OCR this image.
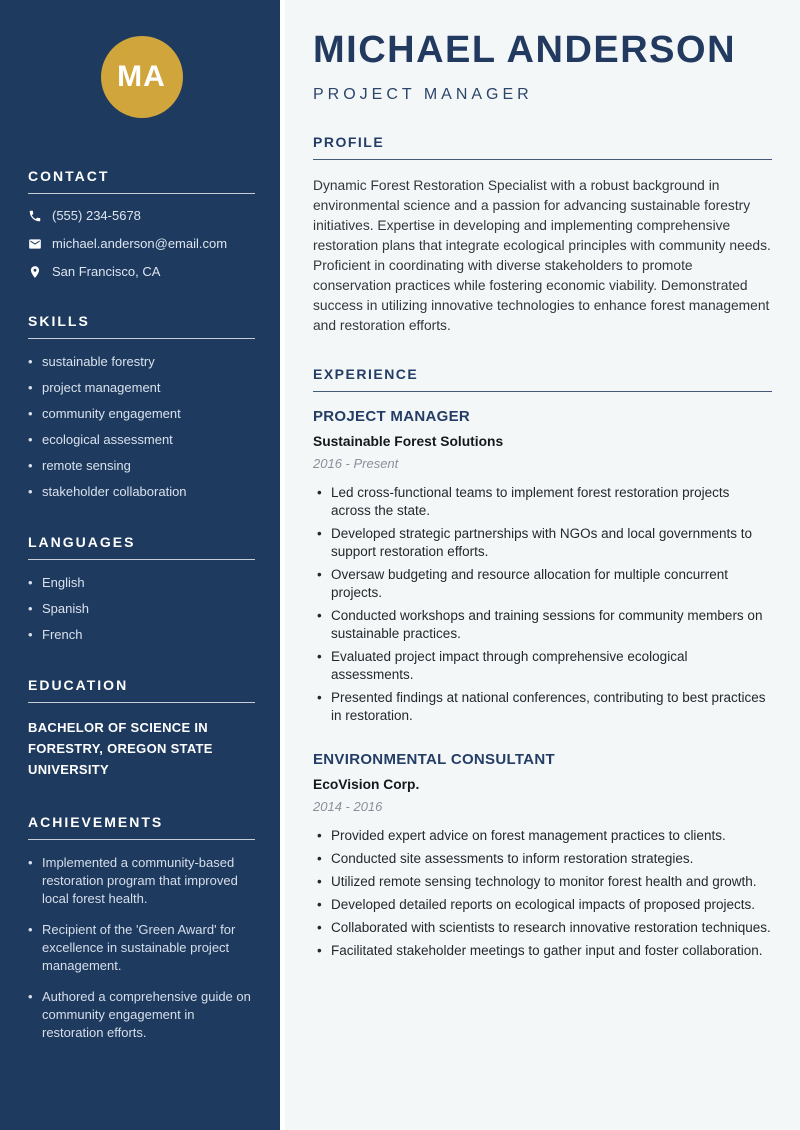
MA
CONTACT
(555) 234-5678
michael.anderson@email.com
San Francisco, CA
SKILLS
• sustainable forestry
• project management
• community engagement
• ecological assessment
• remote sensing
• stakeholder collaboration
LANGUAGES
• English
• Spanish
• French
EDUCATION

BACHELOR OF SCIENCE IN FORESTRY, OREGON STATE UNIVERSITY

ACHIEVEMENTS
• Implemented a community-based restoration program that improved local forest health.
• Recipient of the 'Green Award' for excellence in sustainable project management.
• Authored a comprehensive guide on community engagement in restoration efforts.
MICHAEL ANDERSON
PROJECT MANAGER
PROFILE

Dynamic Forest Restoration Specialist with a robust background in environmental science and a passion for advancing sustainable forestry initiatives. Expertise in developing and implementing comprehensive restoration plans that integrate ecological principles with community needs. Proficient in coordinating with diverse stakeholders to promote conservation practices while fostering economic viability. Demonstrated success in utilizing innovative technologies to enhance forest management and restoration efforts.

EXPERIENCE
PROJECT MANAGER
Sustainable Forest Solutions
2016 - Present
• Led cross-functional teams to implement forest restoration projects across the state.
• Developed strategic partnerships with NGOs and local governments to support restoration efforts.
• Oversaw budgeting and resource allocation for multiple concurrent projects.
• Conducted workshops and training sessions for community members on sustainable practices.
• Evaluated project impact through comprehensive ecological assessments.
• Presented findings at national conferences, contributing to best practices in restoration.
ENVIRONMENTAL CONSULTANT
EcoVision Corp.
2014 - 2016
• Provided expert advice on forest management practices to clients.
• Conducted site assessments to inform restoration strategies.
• Utilized remote sensing technology to monitor forest health and growth.
• Developed detailed reports on ecological impacts of proposed projects.
• Collaborated with scientists to research innovative restoration techniques.
• Facilitated stakeholder meetings to gather input and foster collaboration.
